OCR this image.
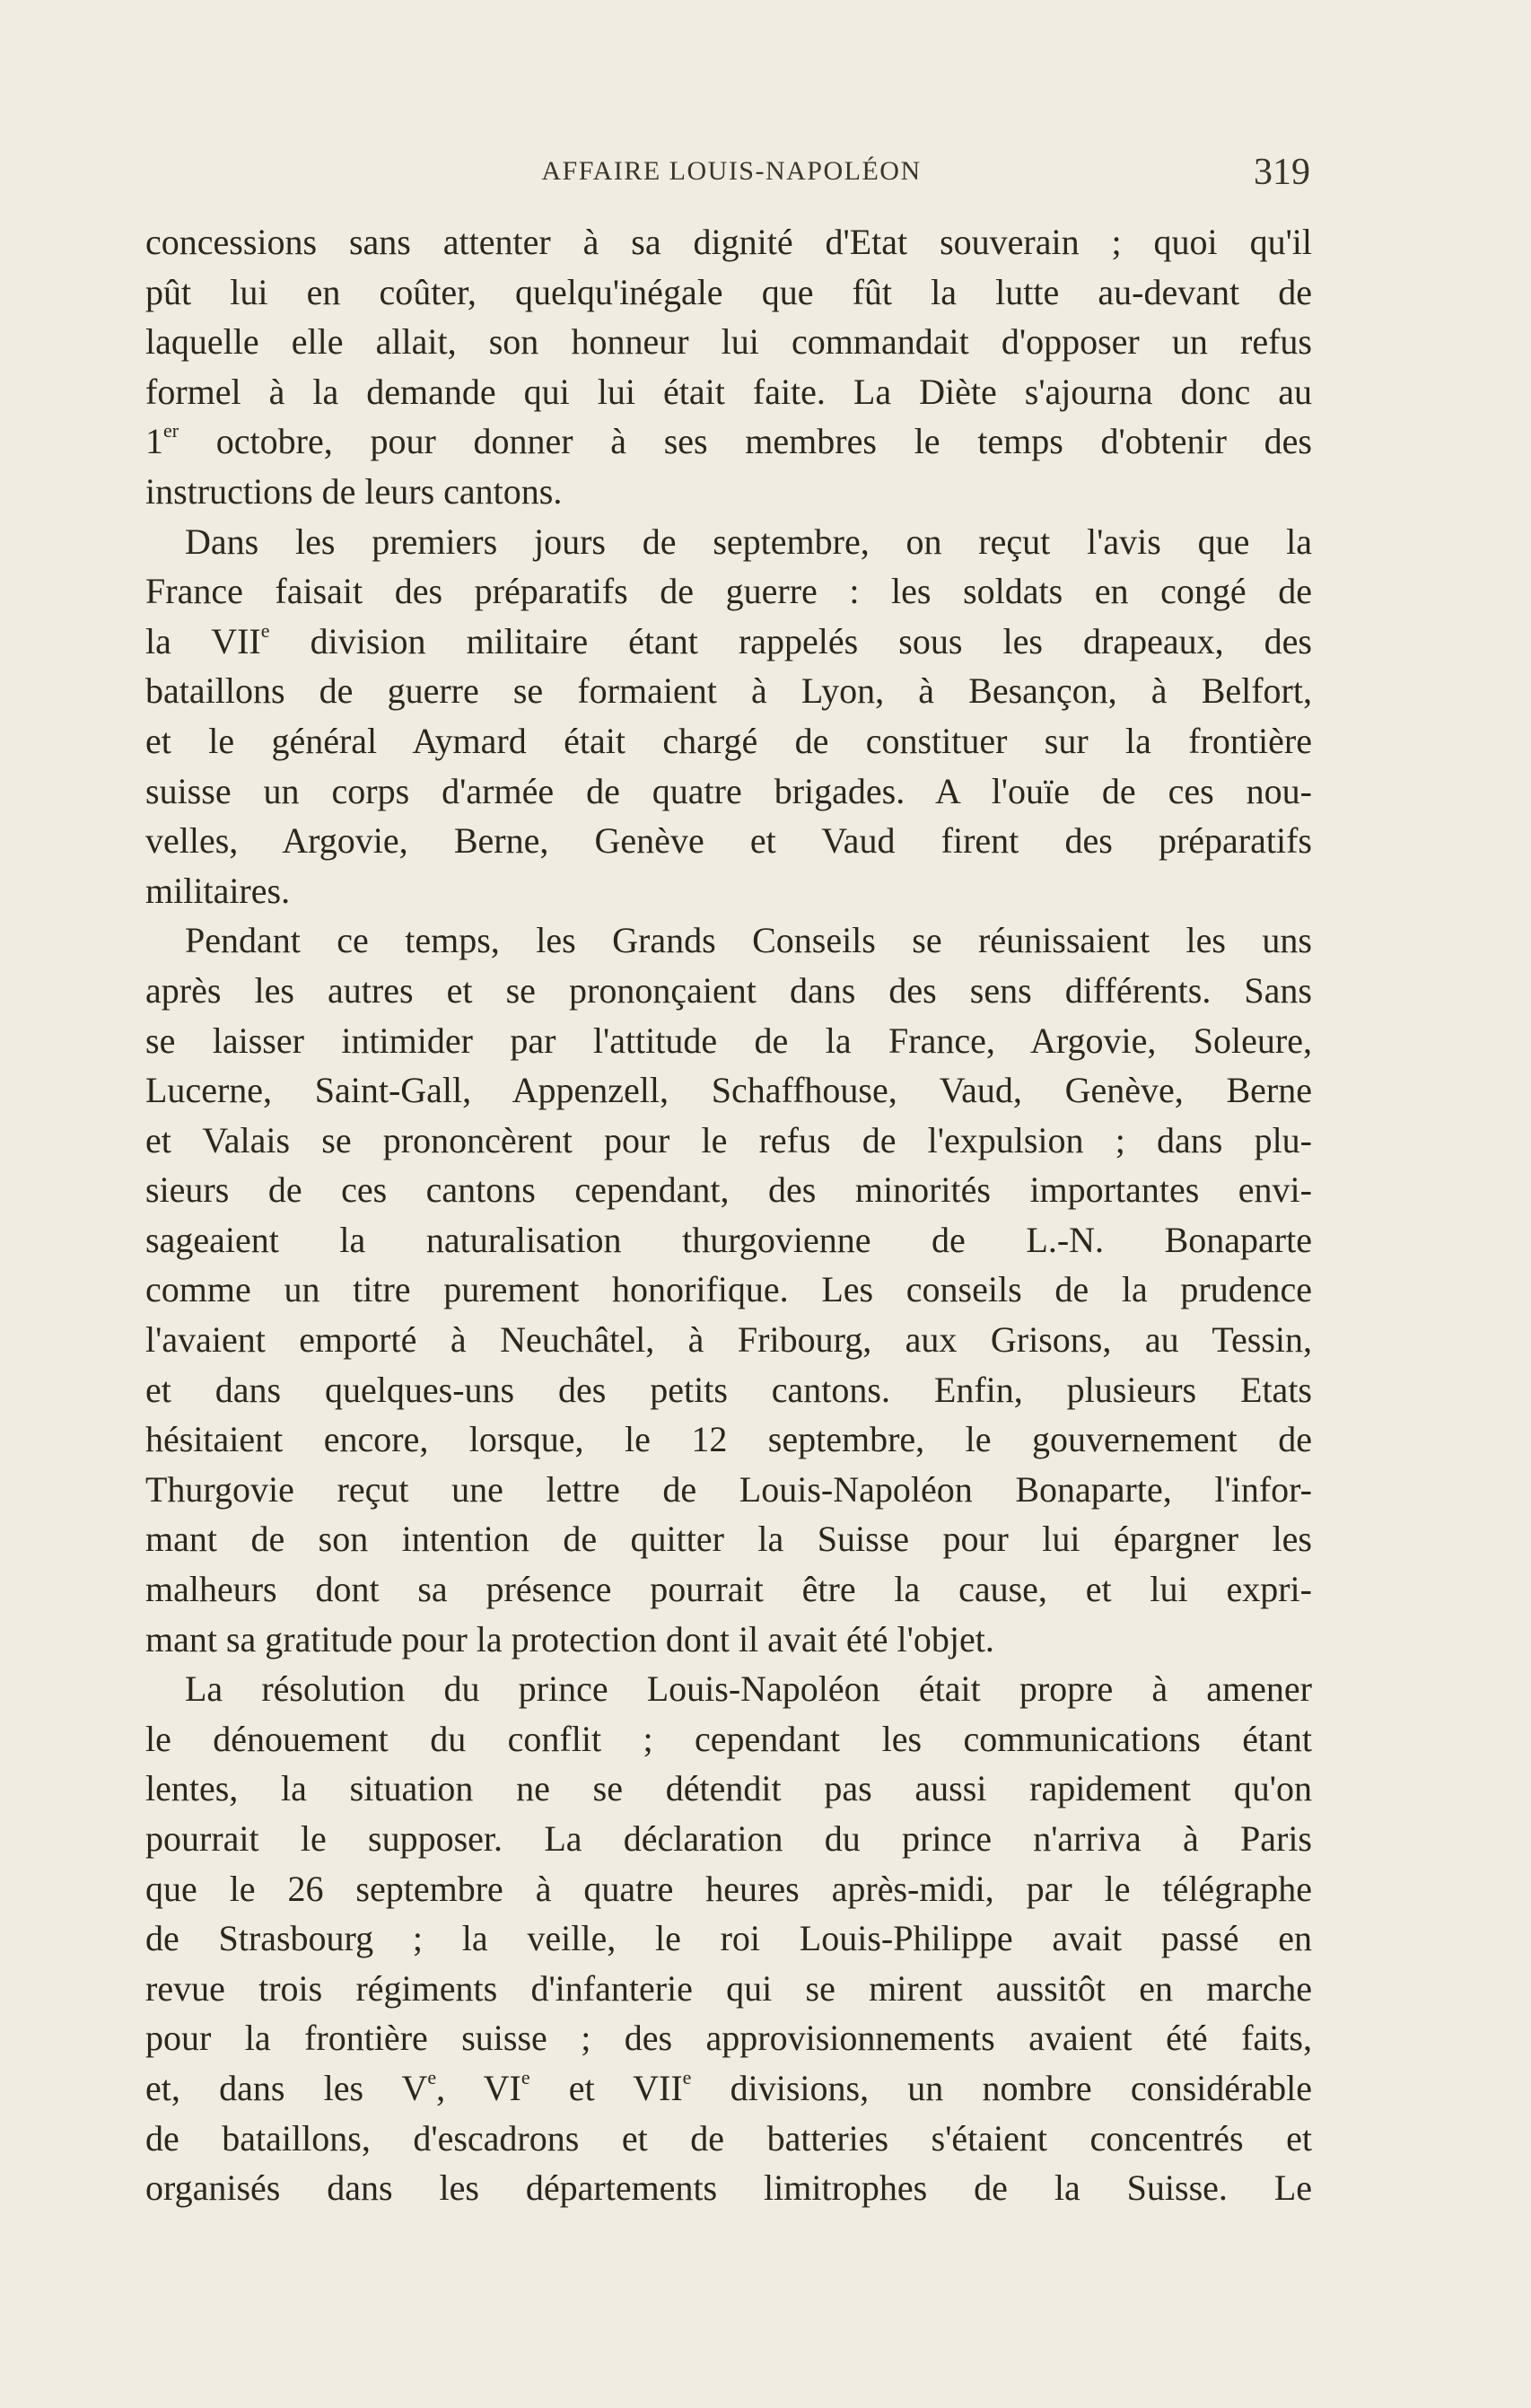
AFFAIRE LOUIS-NAPOLÉON	319
concessions sans attenter à sa dignité d'Etat souverain ; quoi qu'il
pût lui en coûter, quelqu'inégale que fût la lutte au-devant de
laquelle elle allait, son honneur lui commandait d'opposer un refus
formel à la demande qui lui était faite. La Diète s'ajourna donc au
1er octobre, pour donner à ses membres le temps d'obtenir des
instructions de leurs cantons.
Dans les premiers jours de septembre, on reçut l'avis que la
France faisait des préparatifs de guerre : les soldats en congé de
la VIIe division militaire étant rappelés sous les drapeaux, des
bataillons de guerre se formaient à Lyon, à Besançon, à Belfort,
et le général Aymard était chargé de constituer sur la frontière
suisse un corps d'armée de quatre brigades. A l'ouïe de ces nou-
velles, Argovie, Berne, Genève et Vaud firent des préparatifs
militaires.
Pendant ce temps, les Grands Conseils se réunissaient les uns
après les autres et se prononçaient dans des sens différents. Sans
se laisser intimider par l'attitude de la France, Argovie, Soleure,
Lucerne, Saint-Gall, Appenzell, Schaffhouse, Vaud, Genève, Berne
et Valais se prononcèrent pour le refus de l'expulsion ; dans plu-
sieurs de ces cantons cependant, des minorités importantes envi-
sageaient la naturalisation thurgovienne de L.-N. Bonaparte
comme un titre purement honorifique. Les conseils de la prudence
l'avaient emporté à Neuchâtel, à Fribourg, aux Grisons, au Tessin,
et dans quelques-uns des petits cantons. Enfin, plusieurs Etats
hésitaient encore, lorsque, le 12 septembre, le gouvernement de
Thurgovie reçut une lettre de Louis-Napoléon Bonaparte, l'infor-
mant de son intention de quitter la Suisse pour lui épargner les
malheurs dont sa présence pourrait être la cause, et lui expri-
mant sa gratitude pour la protection dont il avait été l'objet.
La résolution du prince Louis-Napoléon était propre à amener
le dénouement du conflit ; cependant les communications étant
lentes, la situation ne se détendit pas aussi rapidement qu'on
pourrait le supposer. La déclaration du prince n'arriva à Paris
que le 26 septembre à quatre heures après-midi, par le télégraphe
de Strasbourg ; la veille, le roi Louis-Philippe avait passé en
revue trois régiments d'infanterie qui se mirent aussitôt en marche
pour la frontière suisse ; des approvisionnements avaient été faits,
et, dans les Ve, VIe et VIIe divisions, un nombre considérable
de bataillons, d'escadrons et de batteries s'étaient concentrés et
organisés dans les départements limitrophes de la Suisse. Le
